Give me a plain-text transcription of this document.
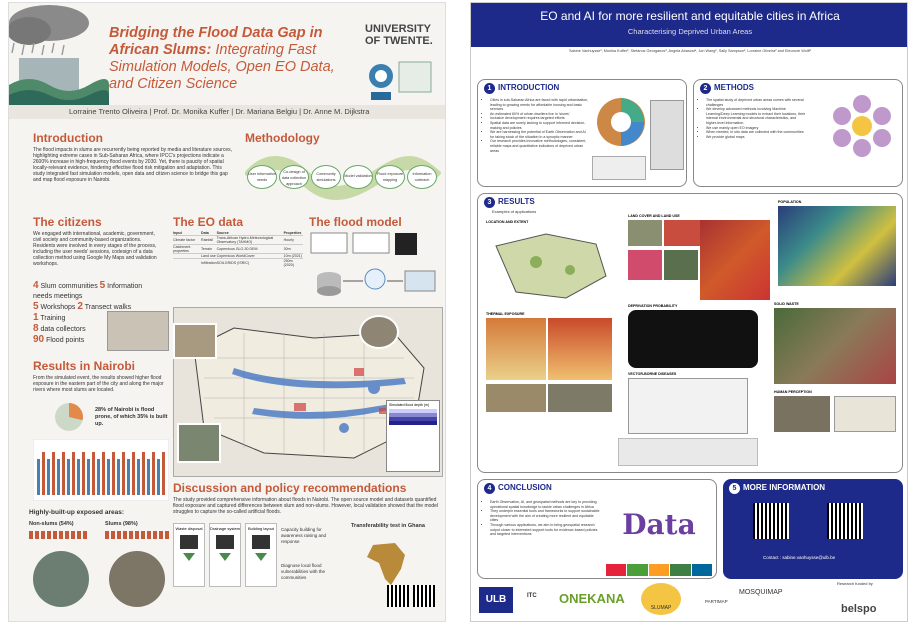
Bridging the Flood Data Gap in African Slums: Integrating Fast Simulation Models, Open EO Data, and Citizen Science
UNIVERSITY OF TWENTE.
Lorraine Trento Oliveira | Prof. Dr. Monika Kuffer | Dr. Mariana Belgiu | Dr. Anne M. Dijkstra
Introduction
The flood impacts in slums are recurrently being reported by media and literature sources, highlighting extreme cases in Sub-Saharan Africa, where IPCC's projections indicate a 2600% increase in high-frequency flood events by 2030. Yet, there is paucity of spatial locally-relevant evidence, hindering effective flood risk mitigation and adaptation. This study integrated fast simulation models, open data and citizen science to bridge this gap and map flood exposure in Nairobi.
Methodology
User information needs
Co-design of data collection approach
Community simulations
Model validation	Flood exposure mapping
Information outreach
The citizens
We engaged with international, academic, government, civil society and community-based organizations. Residents were involved in every stages of the process, including the user needs' sessions, codesign of a data collection method using Google My Maps and validation workshops.
4 Slum communities 5 Information needs meetings
5 Workshops 2 Transect walks
1 Training
8 data collectors
90 Flood points
The EO data
Input	Data	Source	Properties
Climate factor	Rainfall	Trans-African Hydro-Meteorological Observatory (TAHMO)	Hourly
Catchment properties	Terrain	Copernicus GLO-30 DEM	30m
	Land use	Copernicus WorldCover	10m (2021)
	Infiltration	SOILGRIDS (ISRIC)	250m (2020)
The flood model
Simulated flood depth (m)
Results in Nairobi
From the simulated event, the results showed higher flood exposure in the eastern part of the city and along the major rivers where most slums are located.
28% of Nairobi is flood prone, of which 35% is built up.
Highly-built-up exposed areas:
Non-slums (54%)	Slums (98%)
Discussion and policy recommendations
The study provided comprehensive information about floods in Nairobi. The open source model and datasets quantified flood exposure and captured differences between slum and non-slums. However, local validation showed that the model struggles to capture the so-called artificial floods.
Waste disposal	Drainage system	Building layout	Capacity building for awareness raising and response
Diagnose local flood vulnerabilities with the communities
Transferability test in Ghana
EO and AI for more resilient and equitable cities in Africa
Characterising Deprived Urban Areas
Sabine Vanhuysse¹, Monika Kuffer², Stefanos Georganos³, Angela Abascal⁴, Jon Wang², Sally Sampson², Lorraine Oliveira² and Eleonore Wolff¹
1 INTRODUCTION
• Cities in sub-Saharan Africa are faced with rapid urbanisation, leading to growing needs for affordable housing and basic services
• An estimated 60% of urban dwellers live in 'slums'
• Inclusive development requires targeted efforts
• Spatial data are sorely lacking to support informed decision-making and policies
• We are harnessing the potential of Earth Observation and AI for taking stock of the situation in a synoptic manner
• Our research provides innovative methodologies, consistent, reliable maps and quantitative indicators of deprived urban areas
2 METHODS
• The spatial study of deprived urban areas comes with several challenges
• We develop advanced methods involving Machine Learning/Deep Learning models to extract their locations, their internal environmental and structural characteristics, and higher-level information
• We use mainly open EO imagery
• When needed, in situ data are collected with the communities
• We provide global maps
3 RESULTS
Examples of applications
LOCATION AND EXTENT
LAND COVER AND LAND USE
POPULATION
THERMAL EXPOSURE
DEPRIVATION PROBABILITY	SOLID WASTE
VECTOR-BORNE DISEASES
HUMAN PERCEPTION
4 CONCLUSION
• Earth Observation, AI, and geospatial methods are key to providing operational spatial knowledge to tackle urban challenges in Africa
• They underpin essential tools and frameworks to support sustainable development with the aim of creating more resilient and equitable cities
• Through various applications, we aim to bring geospatial research output closer to interested support tools for evidence-based policies and targeted interventions	Data
5 MORE INFORMATION
Contact : sabine.vanhuysse@ulb.be
ULB	ITC ONEKANA
SLUMAP
PARTIMAP
MOSQUIMAP
Research funded by
belspo
